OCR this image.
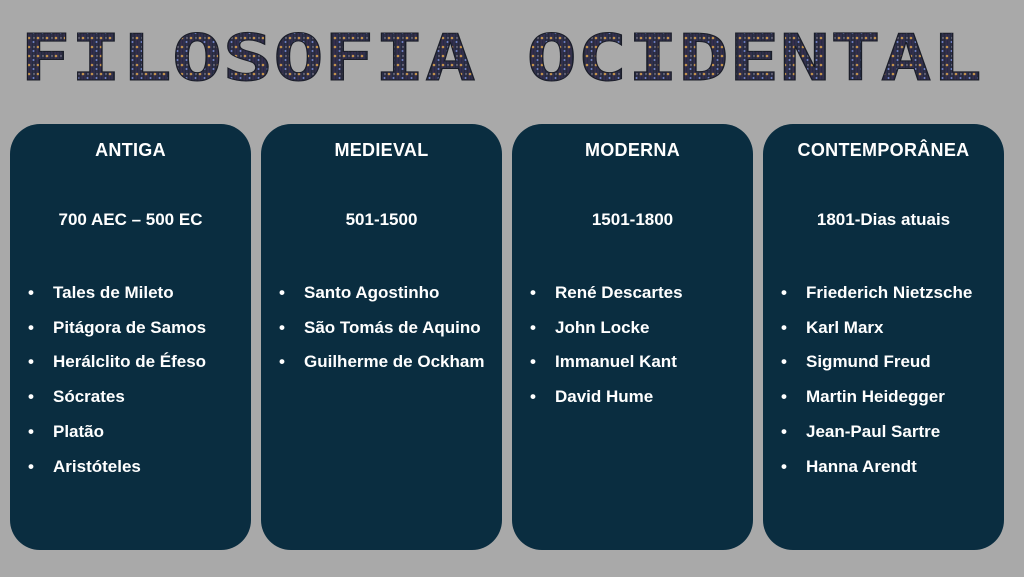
FILOSOFIA OCIDENTAL
ANTIGA
700 AEC – 500 EC
• Tales de Mileto
• Pitágora de Samos
• Herálclito de Éfeso
• Sócrates
• Platão
• Aristóteles
MEDIEVAL
501-1500
• Santo Agostinho
• São Tomás de Aquino
• Guilherme de Ockham
MODERNA
1501-1800
• René Descartes
• John Locke
• Immanuel Kant
• David Hume
CONTEMPORÂNEA
1801-Dias atuais
• Friederich Nietzsche
• Karl Marx
• Sigmund Freud
• Martin Heidegger
• Jean-Paul Sartre
• Hanna Arendt
